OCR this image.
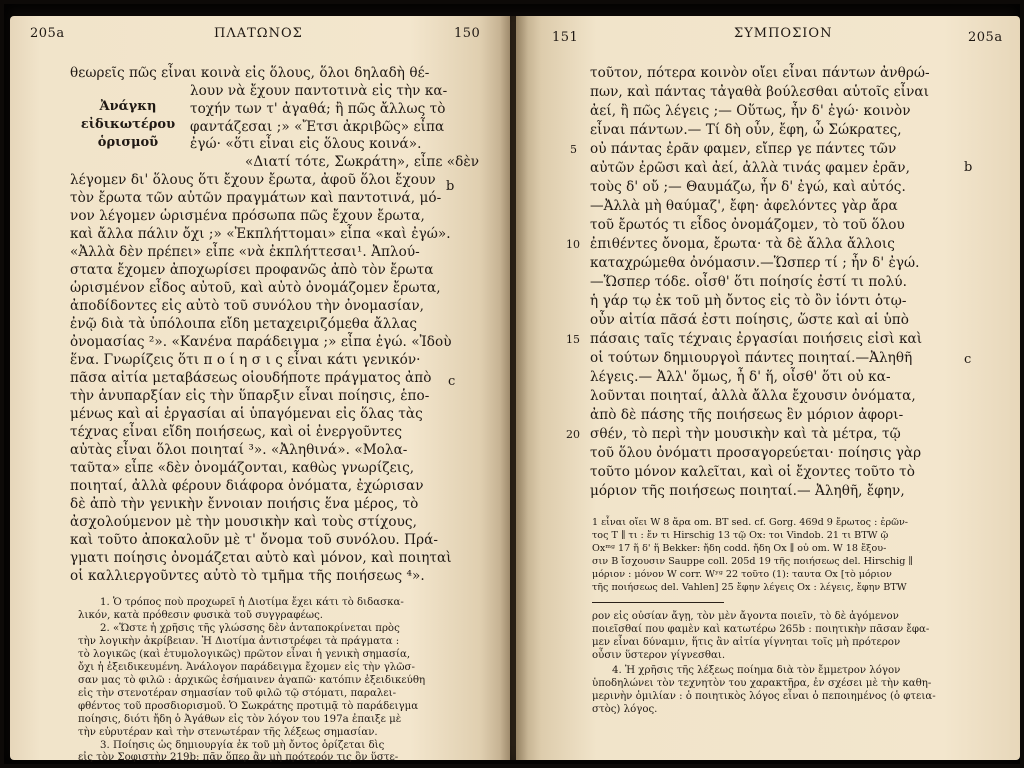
205a	ΠΛΑΤΩΝΟΣ	150	151	ΣΥΜΠΟΣΙΟΝ	205a
θεωρεῖς πῶς εἶναι κοινὰ εἰς ὅλους, ὅλοι δηλαδὴ θέ-
λουν νὰ ἔχουν παντοτινὰ εἰς τὴν κα-
τοχήν των τ' ἀγαθά; ἢ πῶς ἄλλως τὸ
φαντάζεσαι ;» «Ἔτσι ἀκριβῶς» εἶπα
ἐγώ· «ὅτι εἶναι εἰς ὅλους κοινά».
«Διατί τότε, Σωκράτη», εἶπε «δὲν
λέγομεν δι' ὅλους ὅτι ἔχουν ἔρωτα, ἀφοῦ ὅλοι ἔχουν
τὸν ἔρωτα τῶν αὐτῶν πραγμάτων καὶ παντοτινά, μό-
νον λέγομεν ὡρισμένα πρόσωπα πῶς ἔχουν ἔρωτα,
καὶ ἄλλα πάλιν ὄχι ;» «Ἐκπλήττομαι» εἶπα «καὶ ἐγώ».
«Ἀλλὰ δὲν πρέπει» εἶπε «νὰ ἐκπλήττεσαι¹. Ἀπλού-
στατα ἔχομεν ἀποχωρίσει προφανῶς ἀπὸ τὸν ἔρωτα
ὡρισμένον εἶδος αὐτοῦ, καὶ αὐτὸ ὀνομάζομεν ἔρωτα,
ἀποδίδοντες εἰς αὐτὸ τοῦ συνόλου τὴν ὀνομασίαν,
ἐνῷ διὰ τὰ ὑπόλοιπα εἴδη μεταχειριζόμεθα ἄλλας
ὀνομασίας ²». «Κανένα παράδειγμα ;» εἶπα ἐγώ. «Ἰδοὺ
ἕνα. Γνωρίζεις ὅτι π ο ί η σ ι ς εἶναι κάτι γενικόν·
πᾶσα αἰτία μεταβάσεως οἱουδήποτε πράγματος ἀπὸ
τὴν ἀνυπαρξίαν εἰς τὴν ὕπαρξιν εἶναι ποίησις, ἑπο-
μένως καὶ αἱ ἐργασίαι αἱ ὑπαγόμεναι εἰς ὅλας τὰς
τέχνας εἶναι εἴδη ποιήσεως, καὶ οἱ ἐνεργοῦντες
αὐτὰς εἶναι ὅλοι ποιηταί ³». «Ἀληθινά». «Μολα-
ταῦτα» εἶπε «δὲν ὀνομάζονται, καθὼς γνωρίζεις,
ποιηταί, ἀλλὰ φέρουν διάφορα ὀνόματα, ἐχώρισαν
δὲ ἀπὸ τὴν γενικὴν ἔννοιαν ποιήσις ἕνα μέρος, τὸ
ἀσχολούμενον μὲ τὴν μουσικὴν καὶ τοὺς στίχους,
καὶ τοῦτο ἀποκαλοῦν μὲ τ' ὄνομα τοῦ συνόλου. Πρά-
γματι ποίησις ὀνομάζεται αὐτὸ καὶ μόνον, καὶ ποιηταὶ
οἱ καλλιεργοῦντες αὐτὸ τὸ τμῆμα τῆς ποιήσεως ⁴».
Ἀνάγκη
εἰδικωτέρου
ὁρισμοῦ
b
c
1. Ὁ τρόπος ποὺ προχωρεῖ ἡ Διοτίμα ἔχει κάτι τὸ διδασκα-
λικόν, κατὰ πρόθεσιν φυσικὰ τοῦ συγγραφέως.
2. «Ὥστε ἡ χρῆσις τῆς γλώσσης δὲν ἀνταποκρίνεται πρὸς
τὴν λογικὴν ἀκρίβειαν. Ἡ Διοτίμα ἀντιστρέφει τὰ πράγματα :
τὸ λογικῶς (καὶ ἐτυμολογικῶς) πρῶτον εἶναι ἡ γενικὴ σημασία,
ὄχι ἡ ἐξειδικευμένη. Ἀνάλογον παράδειγμα ἔχομεν εἰς τὴν γλῶσ-
σαν μας τὸ φιλῶ : ἀρχικῶς ἐσήμαινεν ἀγαπῶ· κατόπιν ἐξειδικεύθη
εἰς τὴν στενοτέραν σημασίαν τοῦ φιλῶ τῷ στόματι, παραλει-
φθέντος τοῦ προσδιορισμοῦ. Ὁ Σωκράτης προτιμᾷ τὸ παράδειγμα
ποίησις, διότι ἤδη ὁ Ἀγάθων εἰς τὸν λόγον του 197a ἐπαιξε μὲ
τὴν εὐρυτέραν καὶ τὴν στενωτέραν τῆς λέξεως σημασίαν.
3. Ποίησις ὡς δημιουργία ἐκ τοῦ μὴ ὄντος ὁρίζεται δὶς
εἰς τὸν Σοφιστὴν 219b: πᾶν ὅπερ ἂν μὴ πρότερόν τις ὂν ὕστε-
τοῦτον, πότερα κοινὸν οἴει εἶναι πάντων ἀνθρώ-
πων, καὶ πάντας τἀγαθὰ βούλεσθαι αὑτοῖς εἶναι
ἀεί, ἢ πῶς λέγεις ;— Οὕτως, ἦν δ' ἐγώ· κοινὸν
εἶναι πάντων.— Τί δὴ οὖν, ἔφη, ὦ Σώκρατες,
οὐ πάντας ἐρᾶν φαμεν, εἴπερ γε πάντες τῶν
αὐτῶν ἐρῶσι καὶ ἀεί, ἀλλὰ τινάς φαμεν ἐρᾶν,
τοὺς δ' οὔ ;— Θαυμάζω, ἦν δ' ἐγώ, καὶ αὐτός.
—Ἀλλὰ μὴ θαύμαζ', ἔφη· ἀφελόντες γὰρ ἄρα
τοῦ ἔρωτός τι εἶδος ὀνομάζομεν, τὸ τοῦ ὅλου
ἐπιθέντες ὄνομα, ἔρωτα· τὰ δὲ ἄλλα ἄλλοις
καταχρώμεθα ὀνόμασιν.—Ὥσπερ τί ; ἦν δ' ἐγώ.
—Ὥσπερ τόδε. οἶσθ' ὅτι ποίησίς ἐστί τι πολύ.
ἡ γάρ τῳ ἐκ τοῦ μὴ ὄντος εἰς τὸ ὂν ἰόντι ὁτῳ-
οὖν αἰτία πᾶσά ἐστι ποίησις, ὥστε καὶ αἱ ὑπὸ
πάσαις ταῖς τέχναις ἐργασίαι ποιήσεις εἰσὶ καὶ
οἱ τούτων δημιουργοὶ πάντες ποιηταί.—Ἀληθῆ
λέγεις.— Ἀλλ' ὅμως, ἦ δ' ἥ, οἶσθ' ὅτι οὐ κα-
λοῦνται ποιηταί, ἀλλὰ ἄλλα ἔχουσιν ὀνόματα,
ἀπὸ δὲ πάσης τῆς ποιήσεως ἓν μόριον ἀφορι-
σθέν, τὸ περὶ τὴν μουσικὴν καὶ τὰ μέτρα, τῷ
τοῦ ὅλου ὀνόματι προσαγορεύεται· ποίησις γὰρ
τοῦτο μόνον καλεῖται, καὶ οἱ ἔχοντες τοῦτο τὸ
μόριον τῆς ποιήσεως ποιηταί.— Ἀληθῆ, ἔφην,
5
10
15
20
b
c
1 εἶναι οἴει W 8 ἄρα om. BT sed. cf. Gorg. 469d 9 ἔρωτος : ἐρῶν-
τος T ∥ τι : ἔν τι Hirschig 13 τῷ Ox: τοι Vindob. 21 τι BTW ῷ
Oxᵐᵍ 17 ἥ δ' ἥ Bekker: ἤδη codd. ἤδη Ox ∥ οὐ om. W 18 ἔξου-
σιν B ἴσχουσιν Sauppe coll. 205d 19 τῆς ποιήσεως del. Hirschig ∥
μόριον : μόνον W corr. Wʸᵍ 22 τοῦτο (1): ταυτα Ox [τὸ μόριον
τῆς ποιήσεως del. Vahlen] 25 ἔφην λέγεις Ox : λέγεις, ἔφην BTW
ρον εἰς οὐσίαν ἄγῃ, τὸν μὲν ἄγοντα ποιεῖν, τὸ δὲ ἀγόμενον
ποιεῖσθαί που φαμὲν καὶ κατωτέρω 265b : ποιητικὴν πᾶσαν ἔφα-
μεν εἶναι δύναμιν, ἥτις ἂν αἰτία γίγνηται τοῖς μὴ πρότερον
οὖσιν ὕστερον γίγνεσθαι.
4. Ἡ χρῆσις τῆς λέξεως ποίημα διὰ τὸν ἔμμετρον λόγον
ὑποδηλώνει τὸν τεχνητὸν του χαρακτῆρα, ἐν σχέσει μὲ τὴν καθη-
μερινὴν ὁμιλίαν : ὁ ποιητικὸς λόγος εἶναι ὁ πεποιημένος (ὁ φτεια-
στὸς) λόγος.
